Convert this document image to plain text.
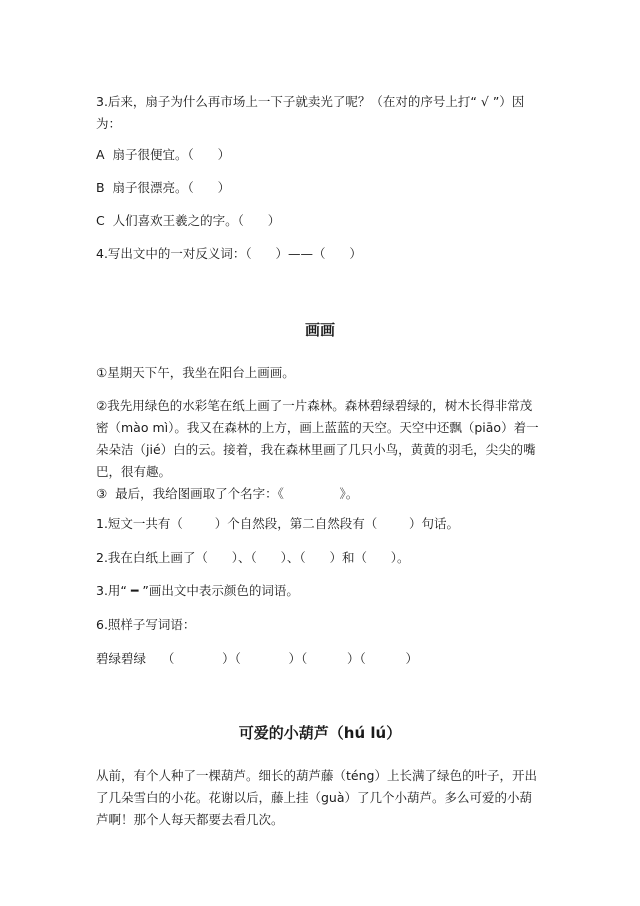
3.后来，扇子为什么再市场上一下子就卖光了呢？（在对的序号上打“ √ ”）因
为：
A  扇子很便宜。（      ）
B  扇子很漂亮。（      ）
C  人们喜欢王羲之的字。（      ）
4.写出文中的一对反义词：（      ）——（      ）
画画
①星期天下午，我坐在阳台上画画。
②我先用绿色的水彩笔在纸上画了一片森林。森林碧绿碧绿的，树木长得非常茂
密（mào mì）。我又在森林的上方，画上蓝蓝的天空。天空中还飘（piāo）着一
朵朵洁（jié）白的云。接着，我在森林里画了几只小鸟，黄黄的羽毛，尖尖的嘴
巴，很有趣。
③  最后，我给图画取了个名字：《              》。
1.短文一共有（        ）个自然段，第二自然段有（        ）句话。
2.我在白纸上画了（      ）、（      ）、（      ）和（      ）。
3.用“ ━ ”画出文中表示颜色的词语。
6.照样子写词语：
碧绿碧绿    （            ）（            ）（          ）（          ）
可爱的小葫芦（hú lú）
从前，有个人种了一棵葫芦。细长的葫芦藤（téng）上长满了绿色的叶子，开出
了几朵雪白的小花。花谢以后，藤上挂（guà）了几个小葫芦。多么可爱的小葫
芦啊！那个人每天都要去看几次。
